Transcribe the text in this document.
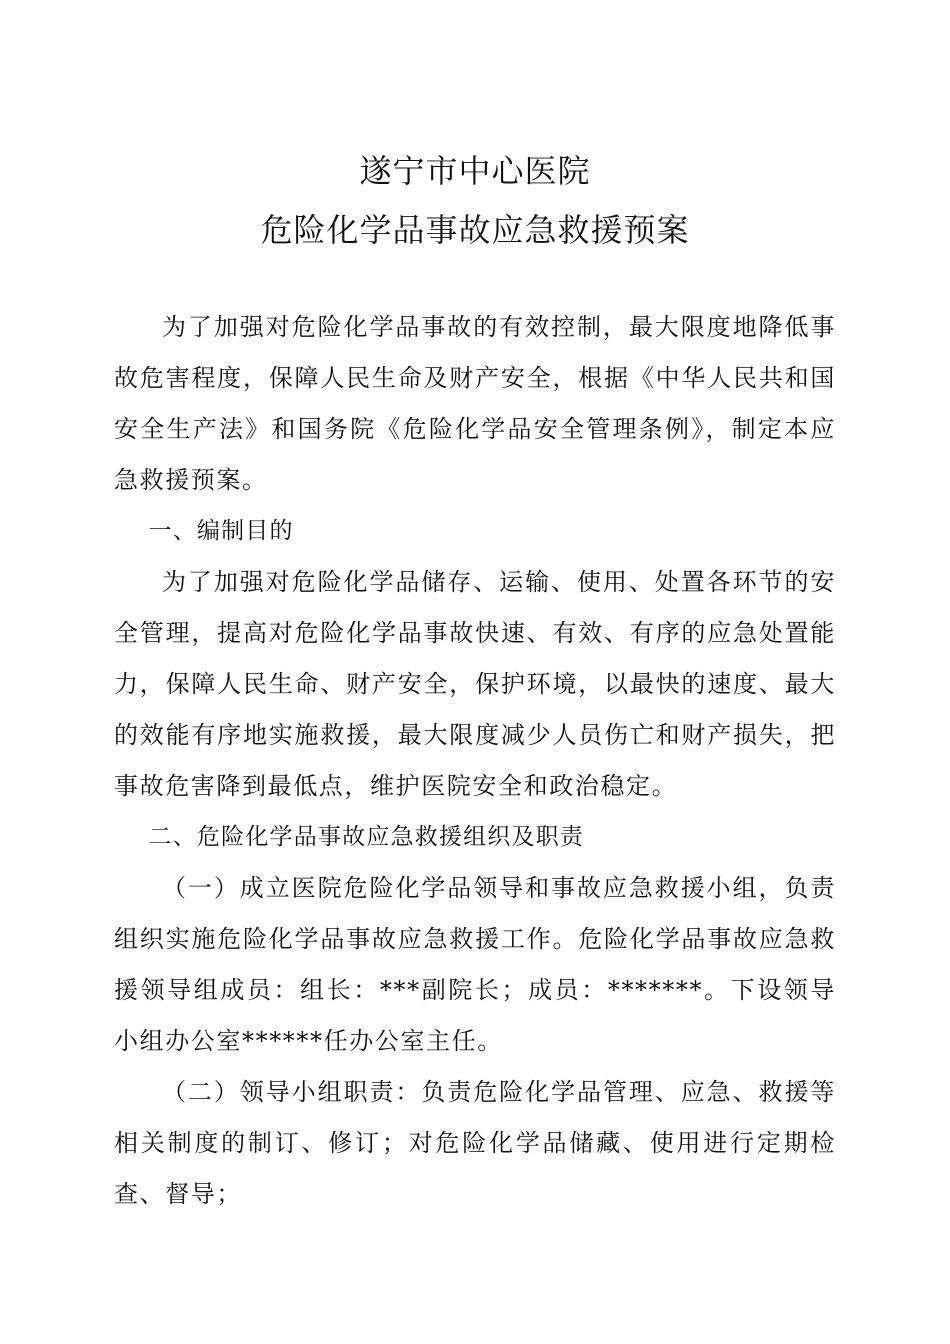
遂宁市中心医院
危险化学品事故应急救援预案

为了加强对危险化学品事故的有效控制，最大限度地降低事故危害程度，保障人民生命及财产安全，根据《中华人民共和国安全生产法》和国务院《危险化学品安全管理条例》，制定本应急救援预案。

一、编制目的

为了加强对危险化学品储存、运输、使用、处置各环节的安全管理，提高对危险化学品事故快速、有效、有序的应急处置能力，保障人民生命、财产安全，保护环境，以最快的速度、最大的效能有序地实施救援，最大限度减少人员伤亡和财产损失，把事故危害降到最低点，维护医院安全和政治稳定。

二、危险化学品事故应急救援组织及职责

（一）成立医院危险化学品领导和事故应急救援小组，负责组织实施危险化学品事故应急救援工作。危险化学品事故应急救援领导组成员：组长：***副院长；成员：*******。下设领导小组办公室******任办公室主任。

（二）领导小组职责：负责危险化学品管理、应急、救援等相关制度的制订、修订；对危险化学品储藏、使用进行定期检查、督导；
